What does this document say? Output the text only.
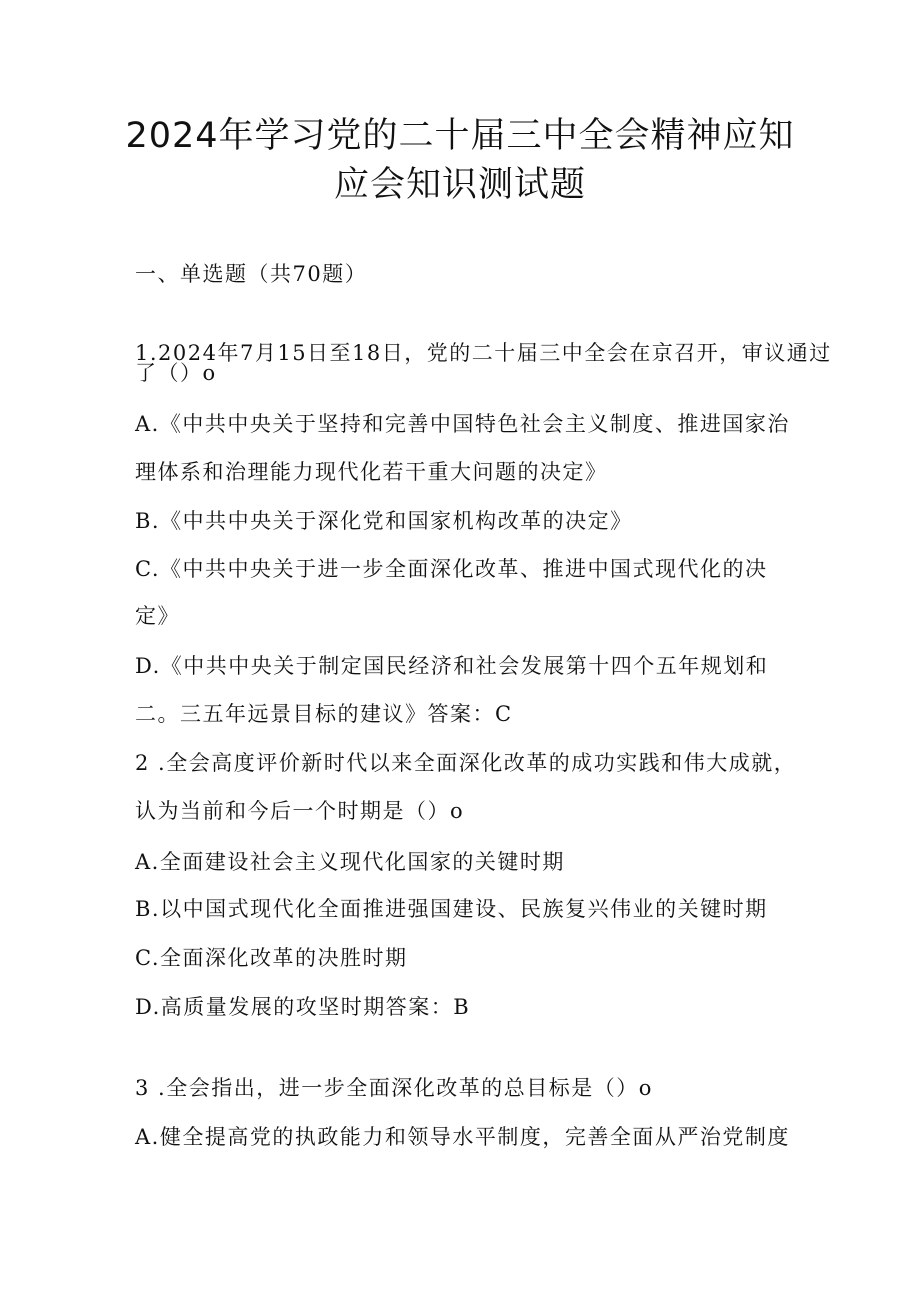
2024年学习党的二十届三中全会精神应知
应会知识测试题
一、单选题（共70题）
1.2024年7月15日至18日，党的二十届三中全会在京召开，审议通过
了（）o
A.《中共中央关于坚持和完善中国特色社会主义制度、推进国家治
理体系和治理能力现代化若干重大问题的决定》
B.《中共中央关于深化党和国家机构改革的决定》
C.《中共中央关于进一步全面深化改革、推进中国式现代化的决
定》
D.《中共中央关于制定国民经济和社会发展第十四个五年规划和
二。三五年远景目标的建议》答案：C
2 .全会高度评价新时代以来全面深化改革的成功实践和伟大成就，
认为当前和今后一个时期是（）o
A.全面建设社会主义现代化国家的关键时期
B.以中国式现代化全面推进强国建设、民族复兴伟业的关键时期
C.全面深化改革的决胜时期
D.高质量发展的攻坚时期答案：B
3 .全会指出，进一步全面深化改革的总目标是（）o
A.健全提高党的执政能力和领导水平制度，完善全面从严治党制度
